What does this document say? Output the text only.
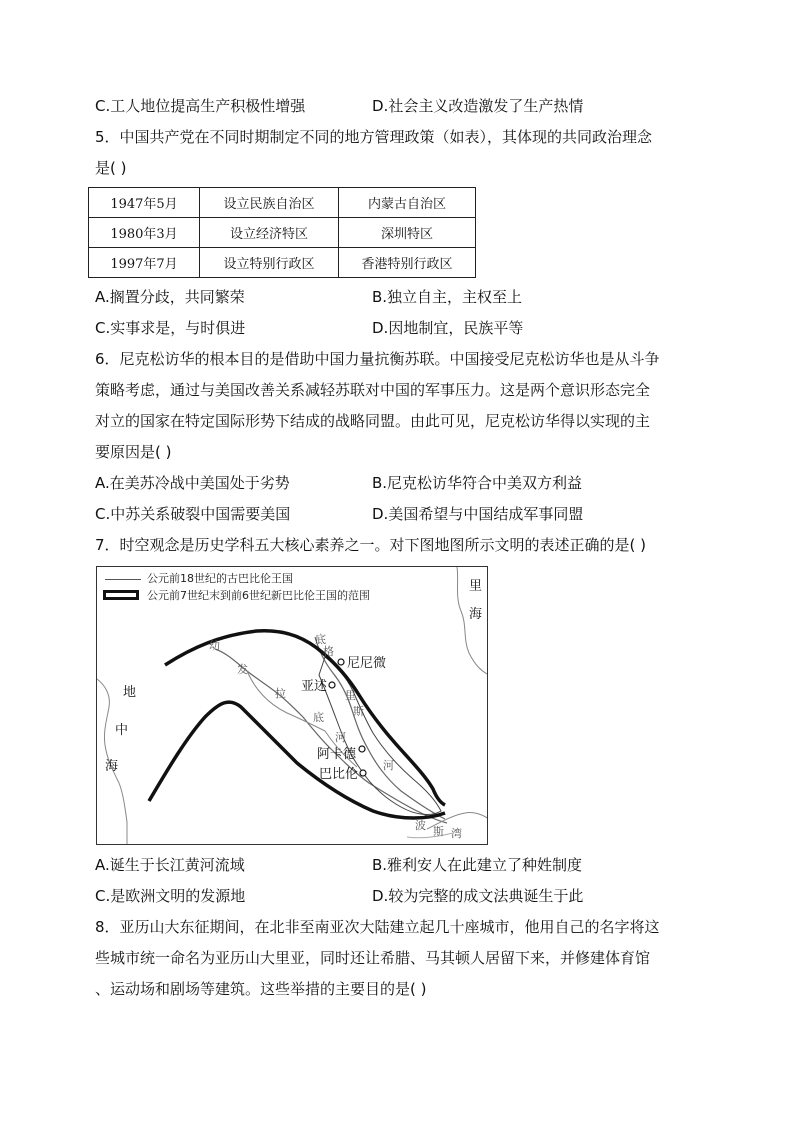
C.工人地位提高生产积极性增强	D.社会主义改造激发了生产热情
5．中国共产党在不同时期制定不同的地方管理政策（如表），其体现的共同政治理念
是( )
1947年5月	设立民族自治区	内蒙古自治区
1980年3月	设立经济特区	深圳特区
1997年7月	设立特别行政区	香港特别行政区
A.搁置分歧，共同繁荣	B.独立自主，主权至上
C.实事求是，与时俱进	D.因地制宜，民族平等
6．尼克松访华的根本目的是借助中国力量抗衡苏联。中国接受尼克松访华也是从斗争
策略考虑，通过与美国改善关系减轻苏联对中国的军事压力。这是两个意识形态完全
对立的国家在特定国际形势下结成的战略同盟。由此可见，尼克松访华得以实现的主
要原因是( )
A.在美苏冷战中美国处于劣势	B.尼克松访华符合中美双方利益
C.中苏关系破裂中国需要美国	D.美国希望与中国结成军事同盟
7．时空观念是历史学科五大核心素养之一。对下图地图所示文明的表述正确的是( )
公元前18世纪的古巴比伦王国
公元前7世纪末到前6世纪新巴比伦王国的范围
尼尼微
亚述
阿卡德
巴比伦
地
中
海
里
海
底
格
里
斯
河
幼
发
拉
底
河
波 斯 湾
A.诞生于长江黄河流域	B.雅利安人在此建立了种姓制度
C.是欧洲文明的发源地	D.较为完整的成文法典诞生于此
8．亚历山大东征期间，在北非至南亚次大陆建立起几十座城市，他用自己的名字将这
些城市统一命名为亚历山大里亚，同时还让希腊、马其顿人居留下来，并修建体育馆
、运动场和剧场等建筑。这些举措的主要目的是( )
